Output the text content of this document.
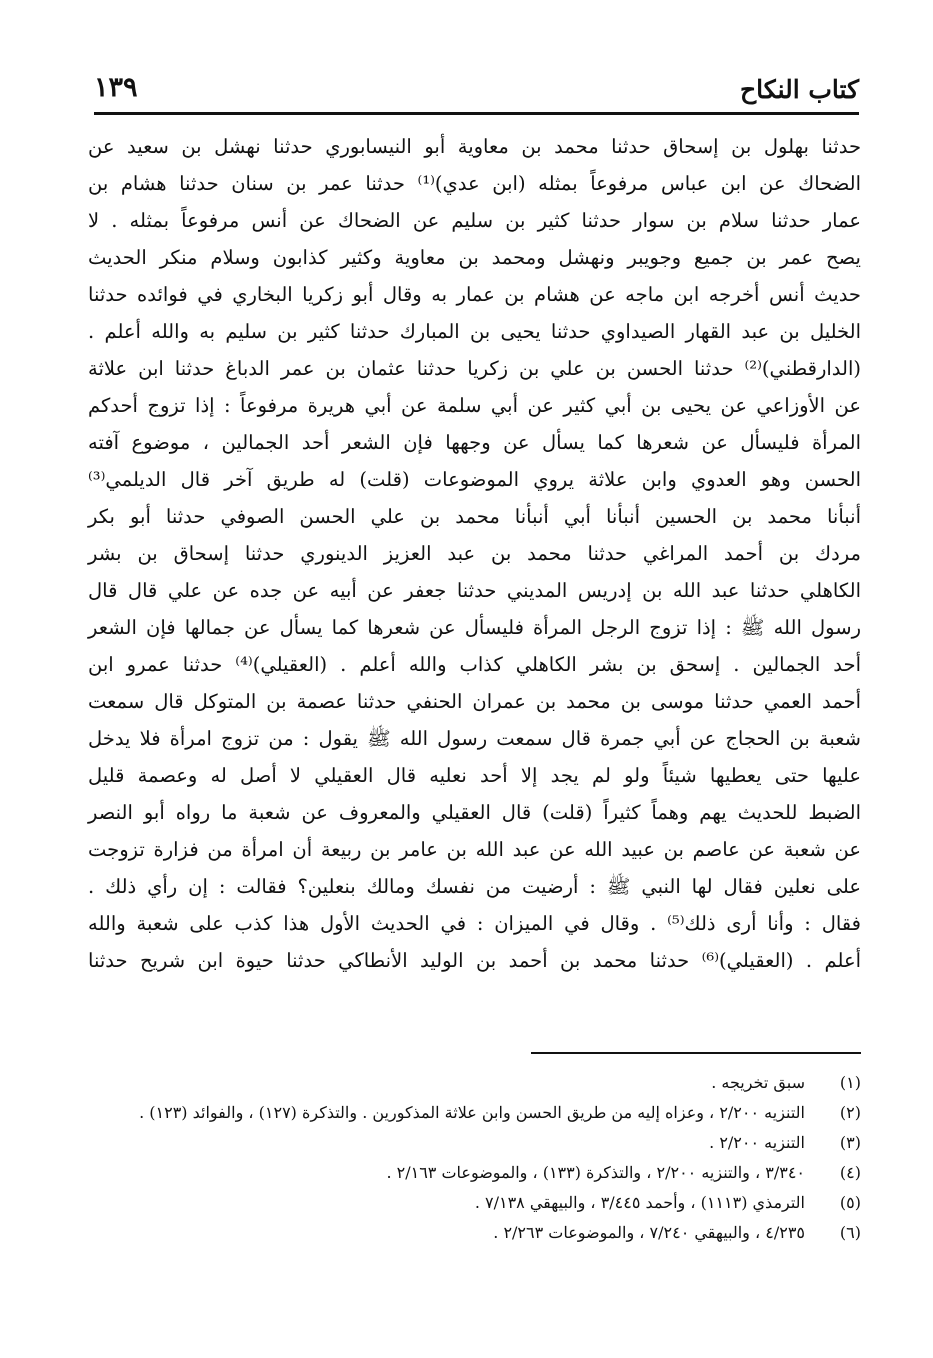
كتاب النكاح
١٣٩
حدثنا بهلول بن إسحاق حدثنا محمد بن معاوية أبو النيسابوري حدثنا نهشل بن سعيد عن
الضحاك عن ابن عباس مرفوعاً بمثله (ابن عدي)⁽¹⁾ حدثنا عمر بن سنان حدثنا هشام بن
عمار حدثنا سلام بن سوار حدثنا كثير بن سليم عن الضحاك عن أنس مرفوعاً بمثله . لا
يصح عمر بن جميع وجويبر ونهشل ومحمد بن معاوية وكثير كذابون وسلام منكر الحديث
حديث أنس أخرجه ابن ماجه عن هشام بن عمار به وقال أبو زكريا البخاري في فوائده حدثنا
الخليل بن عبد القهار الصيداوي حدثنا يحيى بن المبارك حدثنا كثير بن سليم به والله أعلم .
(الدارقطني)⁽²⁾ حدثنا الحسن بن علي بن زكريا حدثنا عثمان بن عمر الدباغ حدثنا ابن علاثة
عن الأوزاعي عن يحيى بن أبي كثير عن أبي سلمة عن أبي هريرة مرفوعاً : إذا تزوج أحدكم
المرأة فليسأل عن شعرها كما يسأل عن وجهها فإن الشعر أحد الجمالين ، موضوع آفته
الحسن وهو العدوي وابن علاثة يروي الموضوعات (قلت) له طريق آخر قال الديلمي⁽³⁾
أنبأنا محمد بن الحسين أنبأنا أبي أنبأنا محمد بن علي الحسن الصوفي حدثنا أبو بكر
مردك بن أحمد المراغي حدثنا محمد بن عبد العزيز الدينوري حدثنا إسحاق بن بشر
الكاهلي حدثنا عبد الله بن إدريس المديني حدثنا جعفر عن أبيه عن جده عن علي قال قال
رسول الله ﷺ : إذا تزوج الرجل المرأة فليسأل عن شعرها كما يسأل عن جمالها فإن الشعر
أحد الجمالين . إسحق بن بشر الكاهلي كذاب والله أعلم . (العقيلي)⁽⁴⁾ حدثنا عمرو ابن
أحمد العمي حدثنا موسى بن محمد بن عمران الحنفي حدثنا عصمة بن المتوكل قال سمعت
شعبة بن الحجاج عن أبي جمرة قال سمعت رسول الله ﷺ يقول : من تزوج امرأة فلا يدخل
عليها حتى يعطيها شيئاً ولو لم يجد إلا أحد نعليه قال العقيلي لا أصل له وعصمة قليل
الضبط للحديث يهم وهماً كثيراً (قلت) قال العقيلي والمعروف عن شعبة ما رواه أبو النصر
عن شعبة عن عاصم بن عبيد الله عن عبد الله بن عامر بن ربيعة أن امرأة من فزارة تزوجت
على نعلين فقال لها النبي ﷺ : أرضيت من نفسك ومالك بنعلين؟ فقالت : إن رأي ذلك .
فقال : وأنا أرى ذلك⁽⁵⁾ . وقال في الميزان : في الحديث الأول هذا كذب على شعبة والله
أعلم . (العقيلي)⁽⁶⁾ حدثنا محمد بن أحمد بن الوليد الأنطاكي حدثنا حيوة ابن شريح حدثنا
(١)
سبق تخريجه .
(٢)
التنزيه ٢/٢٠٠ ، وعزاه إليه من طريق الحسن وابن علاثة المذكورين . والتذكرة (١٢٧) ، والفوائد (١٢٣) .
(٣)
التنزيه ٢/٢٠٠ .
(٤)
٣/٣٤٠ ، والتنزيه ٢/٢٠٠ ، والتذكرة (١٣٣) ، والموضوعات ٢/١٦٣ .
(٥)
الترمذي (١١١٣) ، وأحمد ٣/٤٤٥ ، والبيهقي ٧/١٣٨ .
(٦)
٤/٢٣٥ ، والبيهقي ٧/٢٤٠ ، والموضوعات ٢/٢٦٣ .
